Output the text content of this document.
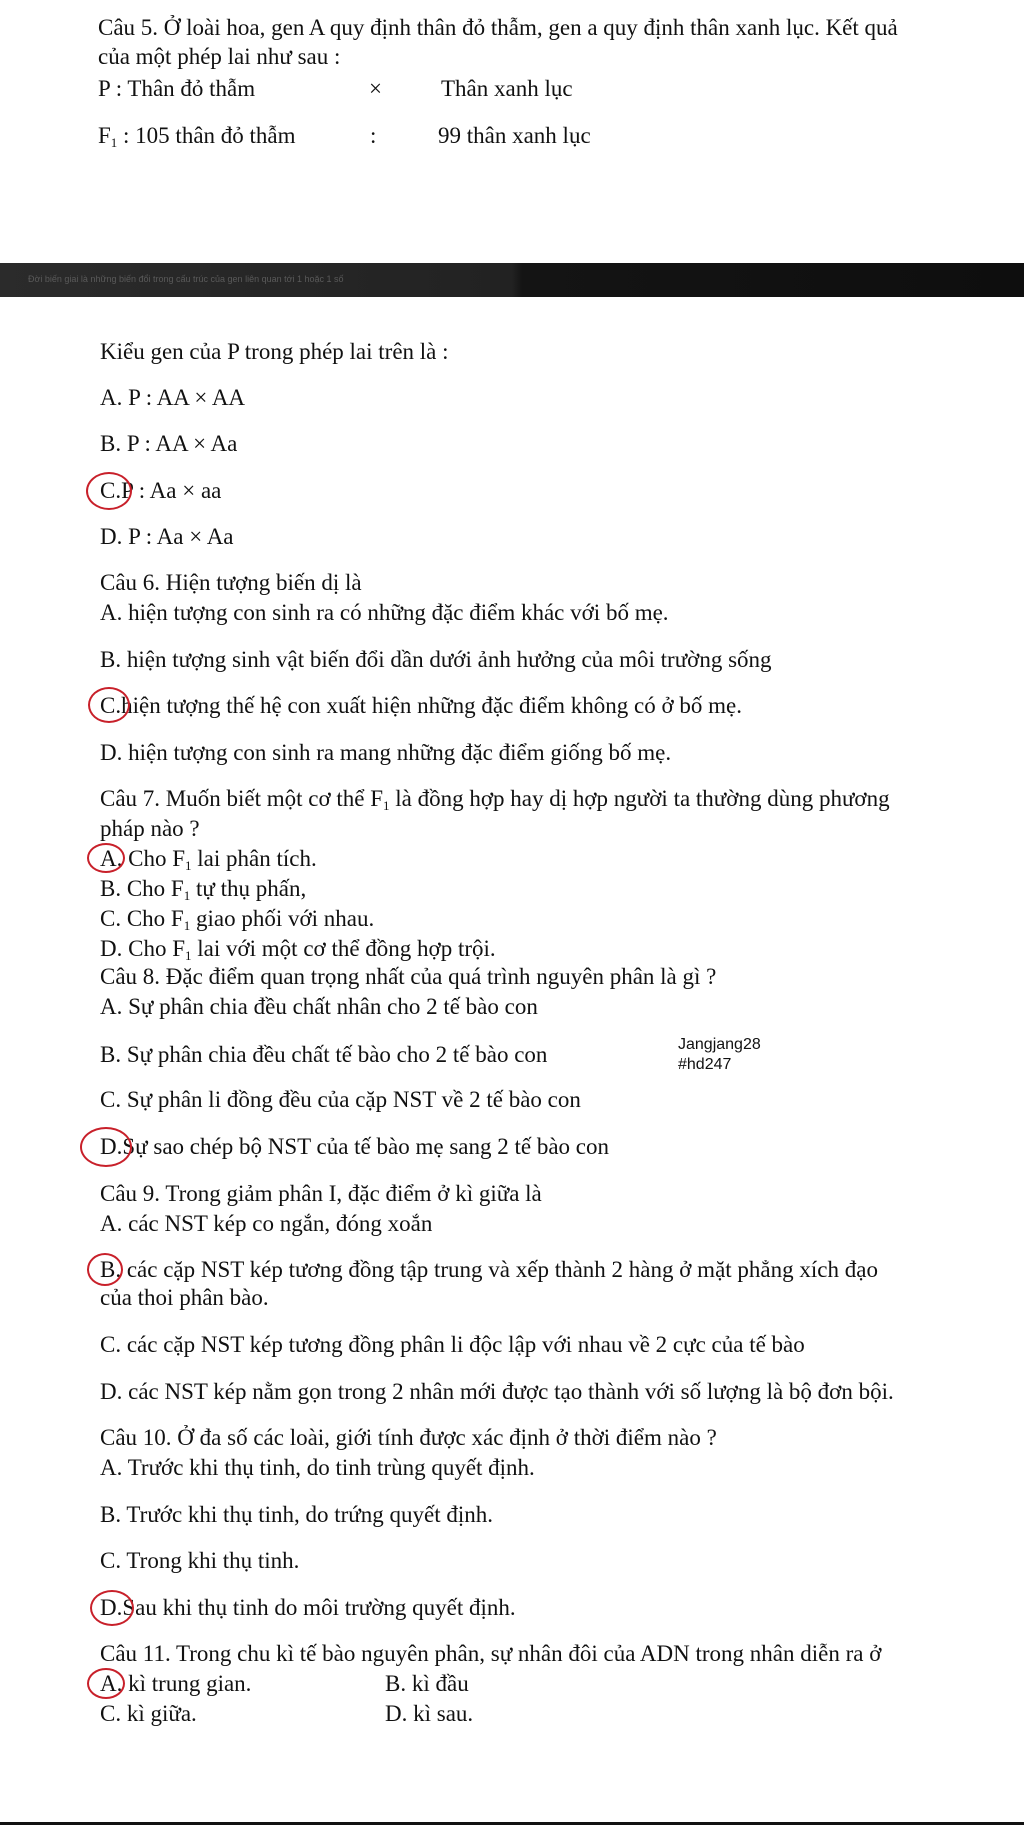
Câu 5. Ở loài hoa, gen A quy định thân đỏ thẫm, gen a quy định thân xanh lục. Kết quả
của một phép lai như sau :
P : Thân đỏ thẫm	×	Thân xanh lục
$F_1$ : 105 thân đỏ thẫm	:	99 thân xanh lục
Đời biến giai là những biến đổi trong cấu trúc của gen liên quan tới 1 hoặc 1 số
Kiểu gen của P trong phép lai trên là :
A. P : AA × AA
B. P : AA × Aa
C.P : Aa × aa
D. P : Aa × Aa
Câu 6. Hiện tượng biến dị là
A. hiện tượng con sinh ra có những đặc điểm khác với bố mẹ.
B. hiện tượng sinh vật biến đổi dần dưới ảnh hưởng của môi trường sống
C.hiện tượng thế hệ con xuất hiện những đặc điểm không có ở bố mẹ.
D. hiện tượng con sinh ra mang những đặc điểm giống bố mẹ.
Câu 7. Muốn biết một cơ thể $F_1$ là đồng hợp hay dị hợp người ta thường dùng phương
pháp nào ?
A. Cho $F_1$ lai phân tích.
B. Cho $F_1$ tự thụ phấn,
C. Cho $F_1$ giao phối với nhau.
D. Cho $F_1$ lai với một cơ thể đồng hợp trội.
Câu 8. Đặc điểm quan trọng nhất của quá trình nguyên phân là gì ?
A. Sự phân chia đều chất nhân cho 2 tế bào con
B. Sự phân chia đều chất tế bào cho 2 tế bào con	Jangjang28
#hd247
C. Sự phân li đồng đều của cặp NST về 2 tế bào con
D.Sự sao chép bộ NST của tế bào mẹ sang 2 tế bào con
Câu 9. Trong giảm phân I, đặc điểm ở kì giữa là
A. các NST kép co ngắn, đóng xoắn
B. các cặp NST kép tương đồng tập trung và xếp thành 2 hàng ở mặt phẳng xích đạo
của thoi phân bào.
C. các cặp NST kép tương đồng phân li độc lập với nhau về 2 cực của tế bào
D. các NST kép nằm gọn trong 2 nhân mới được tạo thành với số lượng là bộ đơn bội.
Câu 10. Ở đa số các loài, giới tính được xác định ở thời điểm nào ?
A. Trước khi thụ tinh, do tinh trùng quyết định.
B. Trước khi thụ tinh, do trứng quyết định.
C. Trong khi thụ tinh.
D.Sau khi thụ tinh do môi trường quyết định.
Câu 11. Trong chu kì tế bào nguyên phân, sự nhân đôi của ADN trong nhân diễn ra ở
A. kì trung gian.	B. kì đầu
C. kì giữa.	D. kì sau.
